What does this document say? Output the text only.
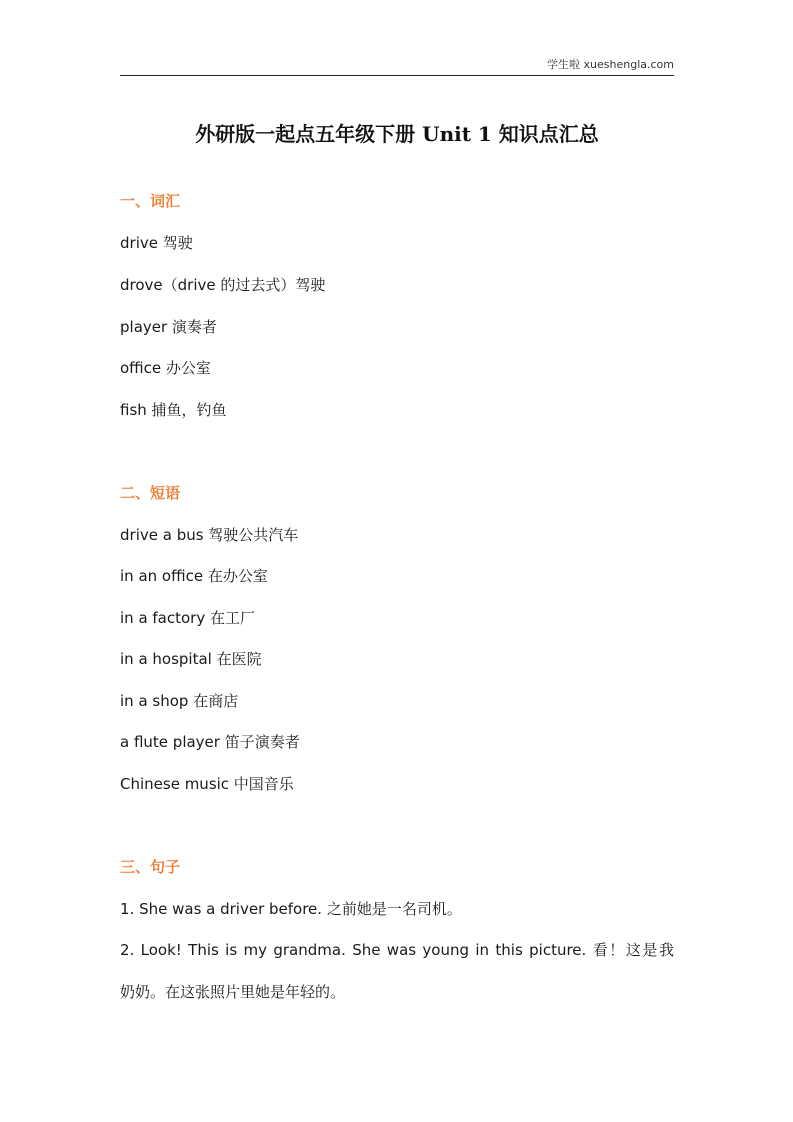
学生啦 xueshengla.com
外研版一起点五年级下册 Unit 1 知识点汇总
一、词汇
drive 驾驶
drove（drive 的过去式）驾驶
player 演奏者
office 办公室
fish 捕鱼，钓鱼
二、短语
drive a bus 驾驶公共汽车
in an office 在办公室
in a factory 在工厂
in a hospital 在医院
in a shop 在商店
a flute player 笛子演奏者
Chinese music 中国音乐
三、句子
1. She was a driver before. 之前她是一名司机。
2. Look! This is my grandma. She was young in this picture. 看！这是我
奶奶。在这张照片里她是年轻的。
